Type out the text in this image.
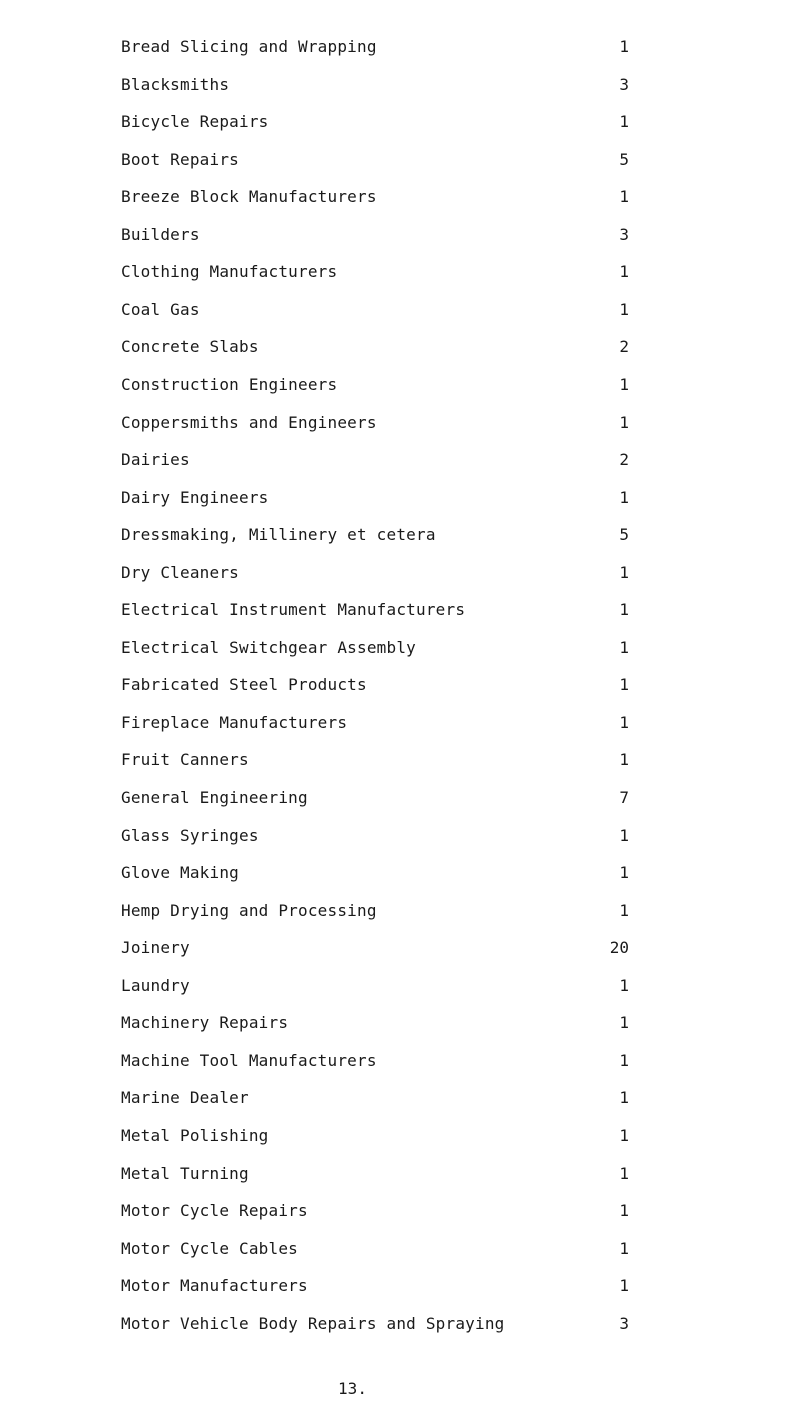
Bread Slicing and Wrapping	1
Blacksmiths	3
Bicycle Repairs	1
Boot Repairs	5
Breeze Block Manufacturers	1
Builders	3
Clothing Manufacturers	1
Coal Gas	1
Concrete Slabs	2
Construction Engineers	1
Coppersmiths and Engineers	1
Dairies	2
Dairy Engineers	1
Dressmaking, Millinery et cetera	5
Dry Cleaners	1
Electrical Instrument Manufacturers	1
Electrical Switchgear Assembly	1
Fabricated Steel Products	1
Fireplace Manufacturers	1
Fruit Canners	1
General Engineering	7
Glass Syringes	1
Glove Making	1
Hemp Drying and Processing	1
Joinery	20
Laundry	1
Machinery Repairs	1
Machine Tool Manufacturers	1
Marine Dealer	1
Metal Polishing	1
Metal Turning	1
Motor Cycle Repairs	1
Motor Cycle Cables	1
Motor Manufacturers	1
Motor Vehicle Body Repairs and Spraying	3
13.
